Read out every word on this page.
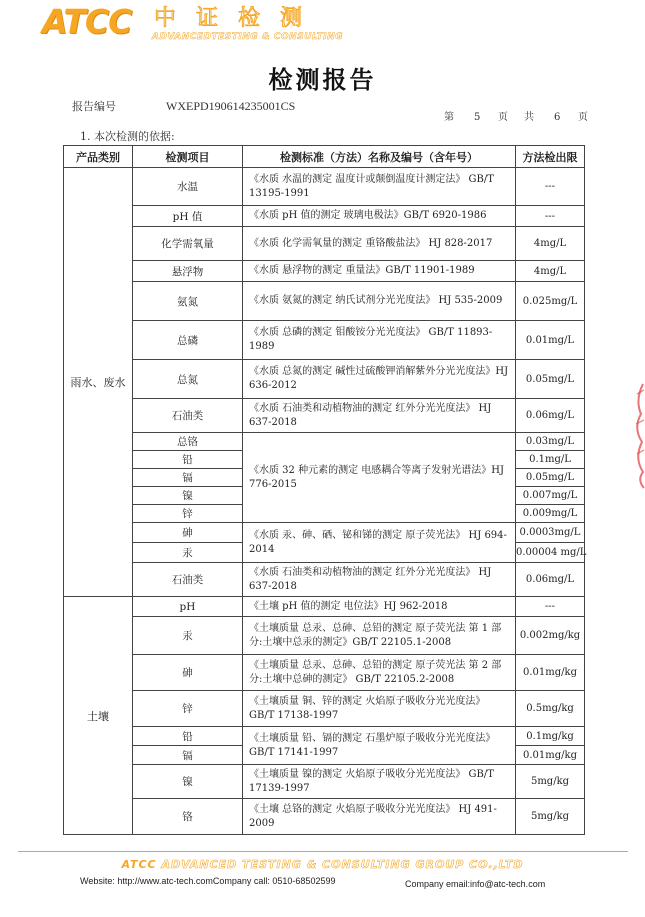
ATCC 中证检测
ADVANCEDTESTING & CONSULTING
检测报告
报告编号	WXEPD190614235001CS
第 5 页 共 6 页
1. 本次检测的依据:
产品类别	检测项目	检测标准（方法）名称及编号（含年号）	方法检出限
雨水、废水	水温	《水质 水温的测定 温度计或颠倒温度计测定法》 GB/T 13195-1991	---
	pH 值	《水质 pH 值的测定 玻璃电极法》GB/T 6920-1986	---
	化学需氧量	《水质 化学需氧量的测定 重铬酸盐法》 HJ 828-2017	4mg/L
	悬浮物	《水质 悬浮物的测定 重量法》GB/T 11901-1989	4mg/L
	氨氮	《水质 氨氮的测定 纳氏试剂分光光度法》 HJ 535-2009	0.025mg/L
	总磷	《水质 总磷的测定 钼酸铵分光光度法》 GB/T 11893-1989	0.01mg/L
	总氮	《水质 总氮的测定 碱性过硫酸钾消解紫外分光光度法》HJ 636-2012	0.05mg/L
	石油类	《水质 石油类和动植物油的测定 红外分光光度法》 HJ 637-2018	0.06mg/L
	总铬	《水质 32 种元素的测定 电感耦合等离子发射光谱法》HJ 776-2015	0.03mg/L
	铅		0.1mg/L
	镉		0.05mg/L
	镍		0.007mg/L
	锌		0.009mg/L
	砷	《水质 汞、砷、硒、铋和锑的测定 原子荧光法》 HJ 694-2014	0.0003mg/L
	汞		0.00004 mg/L
	石油类	《水质 石油类和动植物油的测定 红外分光光度法》 HJ 637-2018	0.06mg/L
土壤	pH	《土壤 pH 值的测定 电位法》HJ 962-2018	---
	汞	《土壤质量 总汞、总砷、总铅的测定 原子荧光法 第 1 部分:土壤中总汞的测定》GB/T 22105.1-2008	0.002mg/kg
	砷	《土壤质量 总汞、总砷、总铅的测定 原子荧光法 第 2 部分:土壤中总砷的测定》 GB/T 22105.2-2008	0.01mg/kg
	锌	《土壤质量 铜、锌的测定 火焰原子吸收分光光度法》 GB/T 17138-1997	0.5mg/kg
	铅	《土壤质量 铅、镉的测定 石墨炉原子吸收分光光度法》GB/T 17141-1997	0.1mg/kg
	镉		0.01mg/kg
	镍	《土壤质量 镍的测定 火焰原子吸收分光光度法》 GB/T 17139-1997	5mg/kg
	铬	《土壤 总铬的测定 火焰原子吸收分光光度法》 HJ 491-2009	5mg/kg
ATCC ADVANCED TESTING & CONSULTING GROUP CO.,LTD
Website: http://www.atc-tech.comCompany call: 0510-68502599	Company email:info@atc-tech.com
